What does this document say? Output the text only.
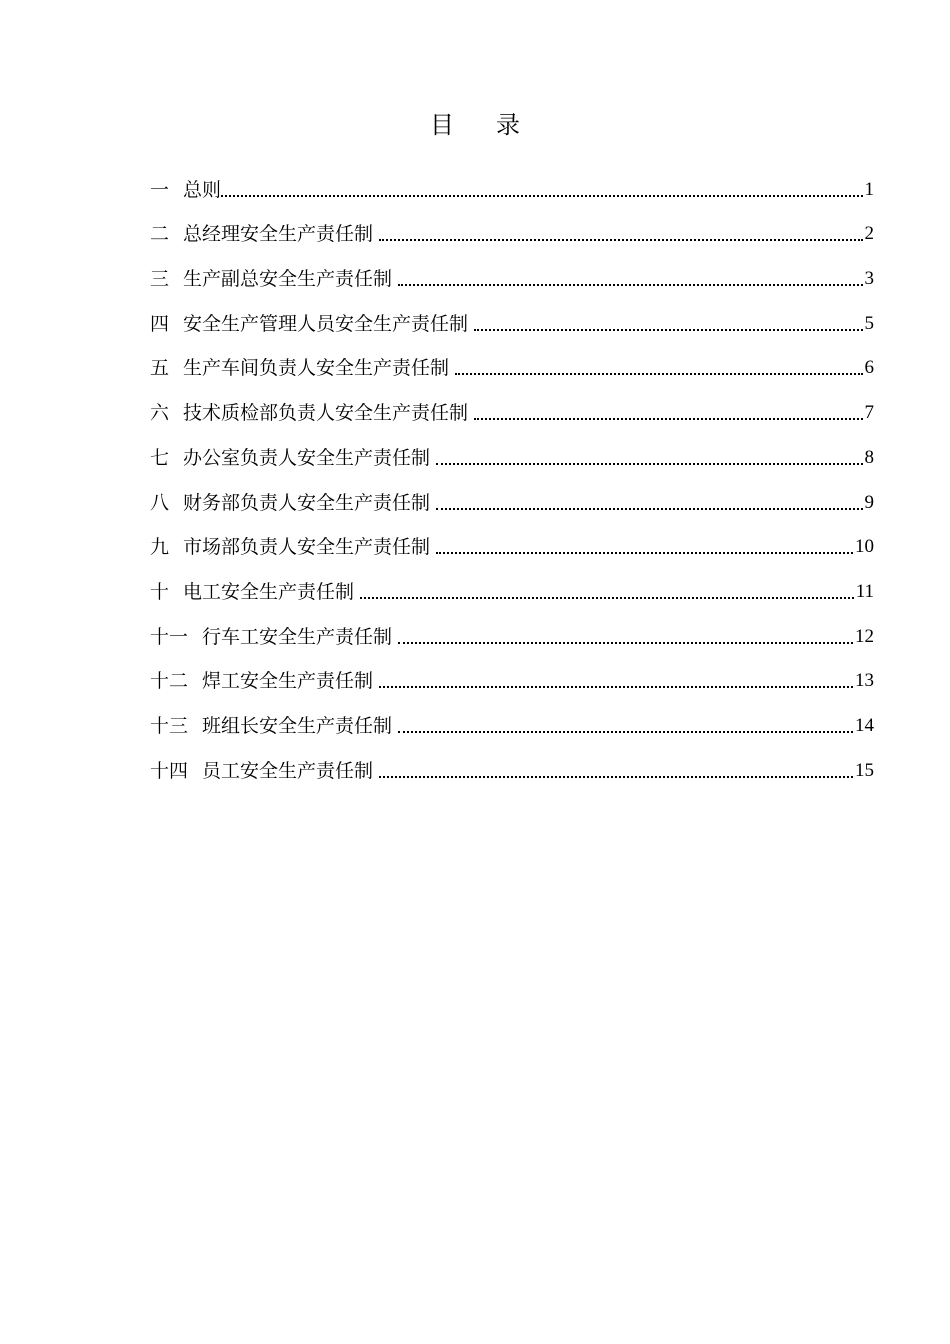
目 录
一 总则	1
二 总经理安全生产责任制	2
三 生产副总安全生产责任制	3
四 安全生产管理人员安全生产责任制	5
五 生产车间负责人安全生产责任制	6
六 技术质检部负责人安全生产责任制	7
七 办公室负责人安全生产责任制	8
八 财务部负责人安全生产责任制	9
九 市场部负责人安全生产责任制	10
十 电工安全生产责任制	11
十一 行车工安全生产责任制	12
十二 焊工安全生产责任制	13
十三 班组长安全生产责任制	14
十四 员工安全生产责任制	15
